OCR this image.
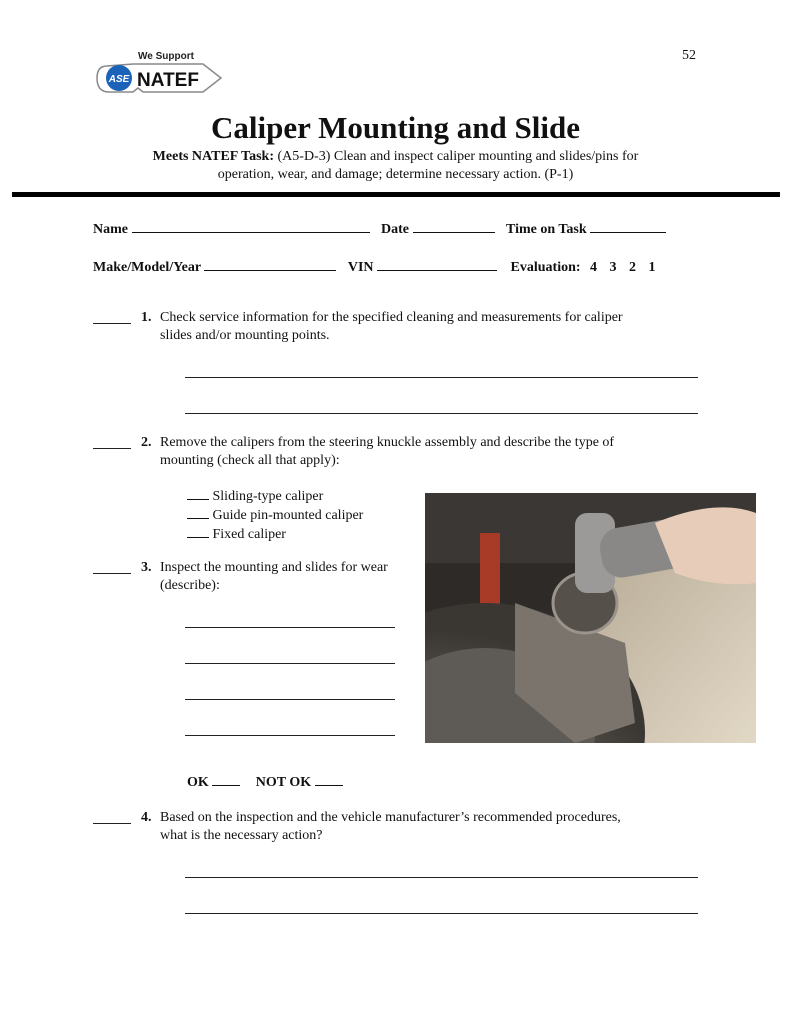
52
ASE
We Support
NATEF
Caliper Mounting and Slide
Meets NATEF Task: (A5-D-3) Clean and inspect caliper mounting and slides/pins for
operation, wear, and damage; determine necessary action. (P-1)
Name	Date	Time on Task
Make/Model/Year	VIN	Evaluation: 4 3 2 1
1. Check service information for the specified cleaning and measurements for caliper
slides and/or mounting points.
2. Remove the calipers from the steering knuckle assembly and describe the type of
mounting (check all that apply):
Sliding-type caliper
Guide pin-mounted caliper
Fixed caliper
3. Inspect the mounting and slides for wear
(describe):
OK	NOT OK
4. Based on the inspection and the vehicle manufacturer’s recommended procedures,
what is the necessary action?
